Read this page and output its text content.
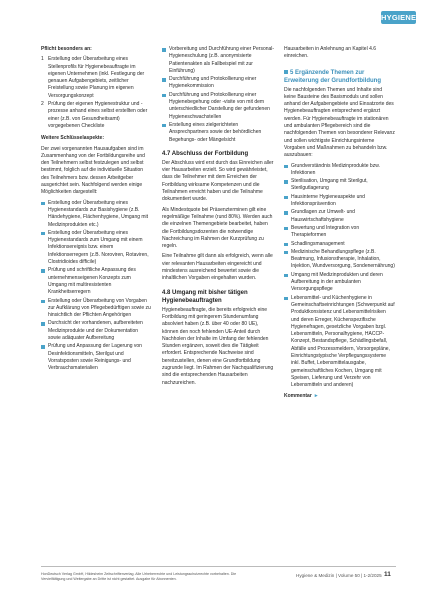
HYGIENE

Pflicht besonders an:

1 Erstellung oder Überarbeitung eines Stellenprofils für Hygienebeauftragte im eigenen Unternehmen (inkl. Festlegung der genauen Aufgabengebiets, zeitlicher Freistellung sowie Planung im eigenen Versorgungskonzept
2 Prüfung der eigenen Hygienestruktur und -prozesse anhand eines selbst erstellten oder einer (z.B. von Gesundheitsamt) vorgegebenen Checkliste

Weitere Schlüsselaspekte:

Der zwei vorgenannten Hausaufgaben sind im Zusammenhang von der Fortbildungsreihe und den Teilnehmern selbst festzulegen und selbst bestimmt, folglich auf die individuelle Situation des Teilnehmers bzw. dessen Arbeitgeber ausgerichtet sein. Nachfolgend werden einige Möglichkeiten dargestellt:

Erstellung oder Überarbeitung eines Hygienestandards zur Basishygiene (z.B. Händehygiene, Flächenhygiene, Umgang mit Medizinprodukten etc.)
Erstellung oder Überarbeitung eines Hygienestandards zum Umgang mit einem Infektionsereignis bzw. einem Infektionserregern (z.B. Noroviren, Rotaviren, Clostridioides difficile)
Prüfung und schriftliche Anpassung des unternehmenseigenen Konzepts zum Umgang mit multiresistenten Krankheitserregern
Erstellung oder Überarbeitung von Vorgaben zur Aufklärung von Pflegebedürftigen sowie zu hinsichtlich der Pflichten Angehörigen
Durchsicht der vorhandenen, aufbereiteten Medizinprodukte und der Dokumentation sowie adäquater Aufbereitung
Prüfung und Anpassung der Lagerung von Desinfektionsmitteln, Sterilgut und Vorratsposten sowie Reinigungs- und Verbrauchsmaterialien
Vorbereitung und Durchführung einer Personal-Hygieneschulung (z.B. anonymisierte Patientenakten als Fallbeispiel mit zur Einführung)
Durchführung und Protokollierung einer Hygienekommission
Durchführung und Protokollierung einer Hygienebegehung oder -visite von mit dem unterschiedlicher Darstellung der gefundenen Hygieneschwachstellen
Erstellung eines zielgerichteten Ansprechpartners sowie der behördlichen Begehungs- oder Mängelsicht
4.7 Abschluss der Fortbildung

Der Abschluss wird erst durch das Einreichen aller vier Hausarbeiten erzielt. So wird gewährleistet, dass die Teilnehmer mit dem Erreichen der Fortbildung wirksame Kompetenzen und die Teilnahmen erreicht haben und die Teilnahme dokumentiert wurde.

Als Mindestquote bei Präsenzterminen gilt eine regelmäßige Teilnahme (rund 80%). Werden auch die einzelnen Themengebiete bearbeitet, haben die Fortbildungsdozenten die notwendige Nachreichung im Rahmen der Kurzprüfung zu regeln.

Eine Teilnahme gilt dann als erfolgreich, wenn alle vier relevanten Hausarbeiten eingereicht und mindestens ausreichend bewertet sowie die inhaltlichen Vorgaben eingehalten wurden.

4.8 Umgang mit bisher tätigen Hygienebeauftragten

Hygienebeauftragte, die bereits erfolgreich eine Fortbildung mit geringerem Stundenumfang absolviert haben (z.B. über 40 oder 80 UE), können den noch fehlenden UE-Anteil durch Nachholen der Inhalte im Umfang der fehlenden Stunden ergänzen, soweit dies die Tätigkeit erfordert. Entsprechende Nachweise sind bereitzustellen, denen eine Grundfortbildung zugrunde liegt. Im Rahmen der Nachqualifizierung sind die entsprechenden Hausarbeiten nachzureichen.

Hausarbeiten in Anlehnung an Kapitel 4.6 einreichen.

5 Ergänzende Themen zur Erweiterung der Grundfortbildung

Die nachfolgenden Themen und Inhalte sind keine Bausteine des Basismoduls und sollen anhand der Aufgabengebiete und Einsatzorte des Hygienebeauftragten entsprechend ergänzt werden. Für Hygienebeauftragte im stationären und ambulanten Pflegebereich sind die nachfolgenden Themen von besonderer Relevanz und sollen wichtigste Einrichtungsinterne Vorgaben und Maßnahmen zu behandeln bzw. auszubauen:

Grundverständnis Medizinprodukte bzw. Infektionen
Sterilisation, Umgang mit Sterilgut, Sterilgutlagerung
Hausinterne Hygieneaspekte und Infektionsprävention
Grundlagen zur Umwelt- und Hauswirtschaftshygiene
Bewertung und Integration von Therapieformen
Schadlingsmanagement
Medizinische Behandlungspflege (z.B. Beatmung, Infusionstherapie, Inhalation, Injektion, Wundversorgung, Sondenernährung)
Umgang mit Medizinprodukten und deren Aufbereitung in der ambulanten Versorgungspflege
Lebensmittel- und Küchenhygiene in Gemeinschaftseinrichtungen (Schwerpunkt auf Produktkonsistenz und Lebensmittelrisiken und deren Erreger, Küchenspezifische Hygienefragen, gesetzliche Vorgaben bzgl. Lebensmitteln, Personalhygiene, HACCP-Konzept, Bestandspflege, Schädlingsbefall, Abfälle und Prozessmeldern, Vorsorgepläne, Einrichtungstypische Verpflegungssysteme inkl. Buffet, Lebensmittelausgabe, gemeinschaftliches Kochen, Umgang mit Speisen, Lieferung und Verzehr von Lebensmitteln und anderen)
Kommentar ►
HonDeutsch Verlag GmbH, Hildesheim Zeitschriftenverlag. Alle Urheberrechte und Leistungsschutzrechte vorbehalten. Die Vervielfältigung und Weitergabe an Dritte ist nicht gestattet. Ausgabe für Abonnenten.
Hygiene & Medizin | Volume 50 | 1-2/2025 11
